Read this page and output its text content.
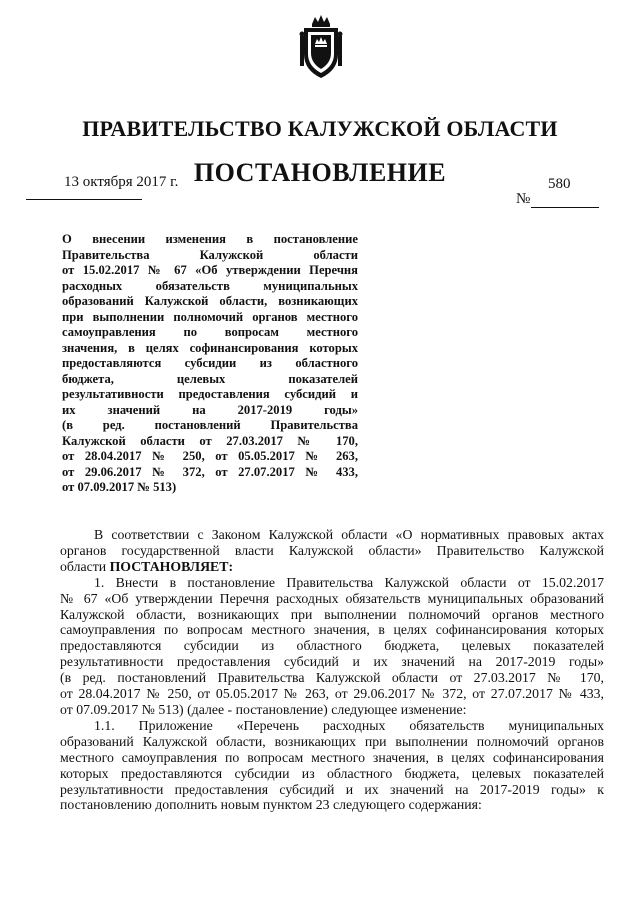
ПРАВИТЕЛЬСТВО КАЛУЖСКОЙ ОБЛАСТИ
ПОСТАНОВЛЕНИЕ
13 октября 2017 г.	580
№
О внесении изменения в постановление
Правительства Калужской области
от 15.02.2017 № 67 «Об утверждении Перечня
расходных обязательств муниципальных
образований Калужской области, возникающих
при выполнении полномочий органов местного
самоуправления по вопросам местного
значения, в целях софинансирования которых
предоставляются субсидии из областного
бюджета, целевых показателей
результативности предоставления субсидий и
их значений на 2017-2019 годы»
(в ред. постановлений Правительства
Калужской области от 27.03.2017 № 170,
от 28.04.2017 № 250, от 05.05.2017 № 263,
от 29.06.2017 № 372, от 27.07.2017 № 433,
от 07.09.2017 № 513)
В соответствии с Законом Калужской области «О нормативных правовых актах
органов государственной власти Калужской области» Правительство Калужской
области ПОСТАНОВЛЯЕТ:
1. Внести в постановление Правительства Калужской области от 15.02.2017
№ 67 «Об утверждении Перечня расходных обязательств муниципальных образований
Калужской области, возникающих при выполнении полномочий органов местного
самоуправления по вопросам местного значения, в целях софинансирования которых
предоставляются субсидии из областного бюджета, целевых показателей
результативности предоставления субсидий и их значений на 2017-2019 годы»
(в ред. постановлений Правительства Калужской области от 27.03.2017 № 170,
от 28.04.2017 № 250, от 05.05.2017 № 263, от 29.06.2017 № 372, от 27.07.2017 № 433,
от 07.09.2017 № 513) (далее - постановление) следующее изменение:
1.1. Приложение «Перечень расходных обязательств муниципальных
образований Калужской области, возникающих при выполнении полномочий органов
местного самоуправления по вопросам местного значения, в целях софинансирования
которых предоставляются субсидии из областного бюджета, целевых показателей
результативности предоставления субсидий и их значений на 2017-2019 годы» к
постановлению дополнить новым пунктом 23 следующего содержания:
